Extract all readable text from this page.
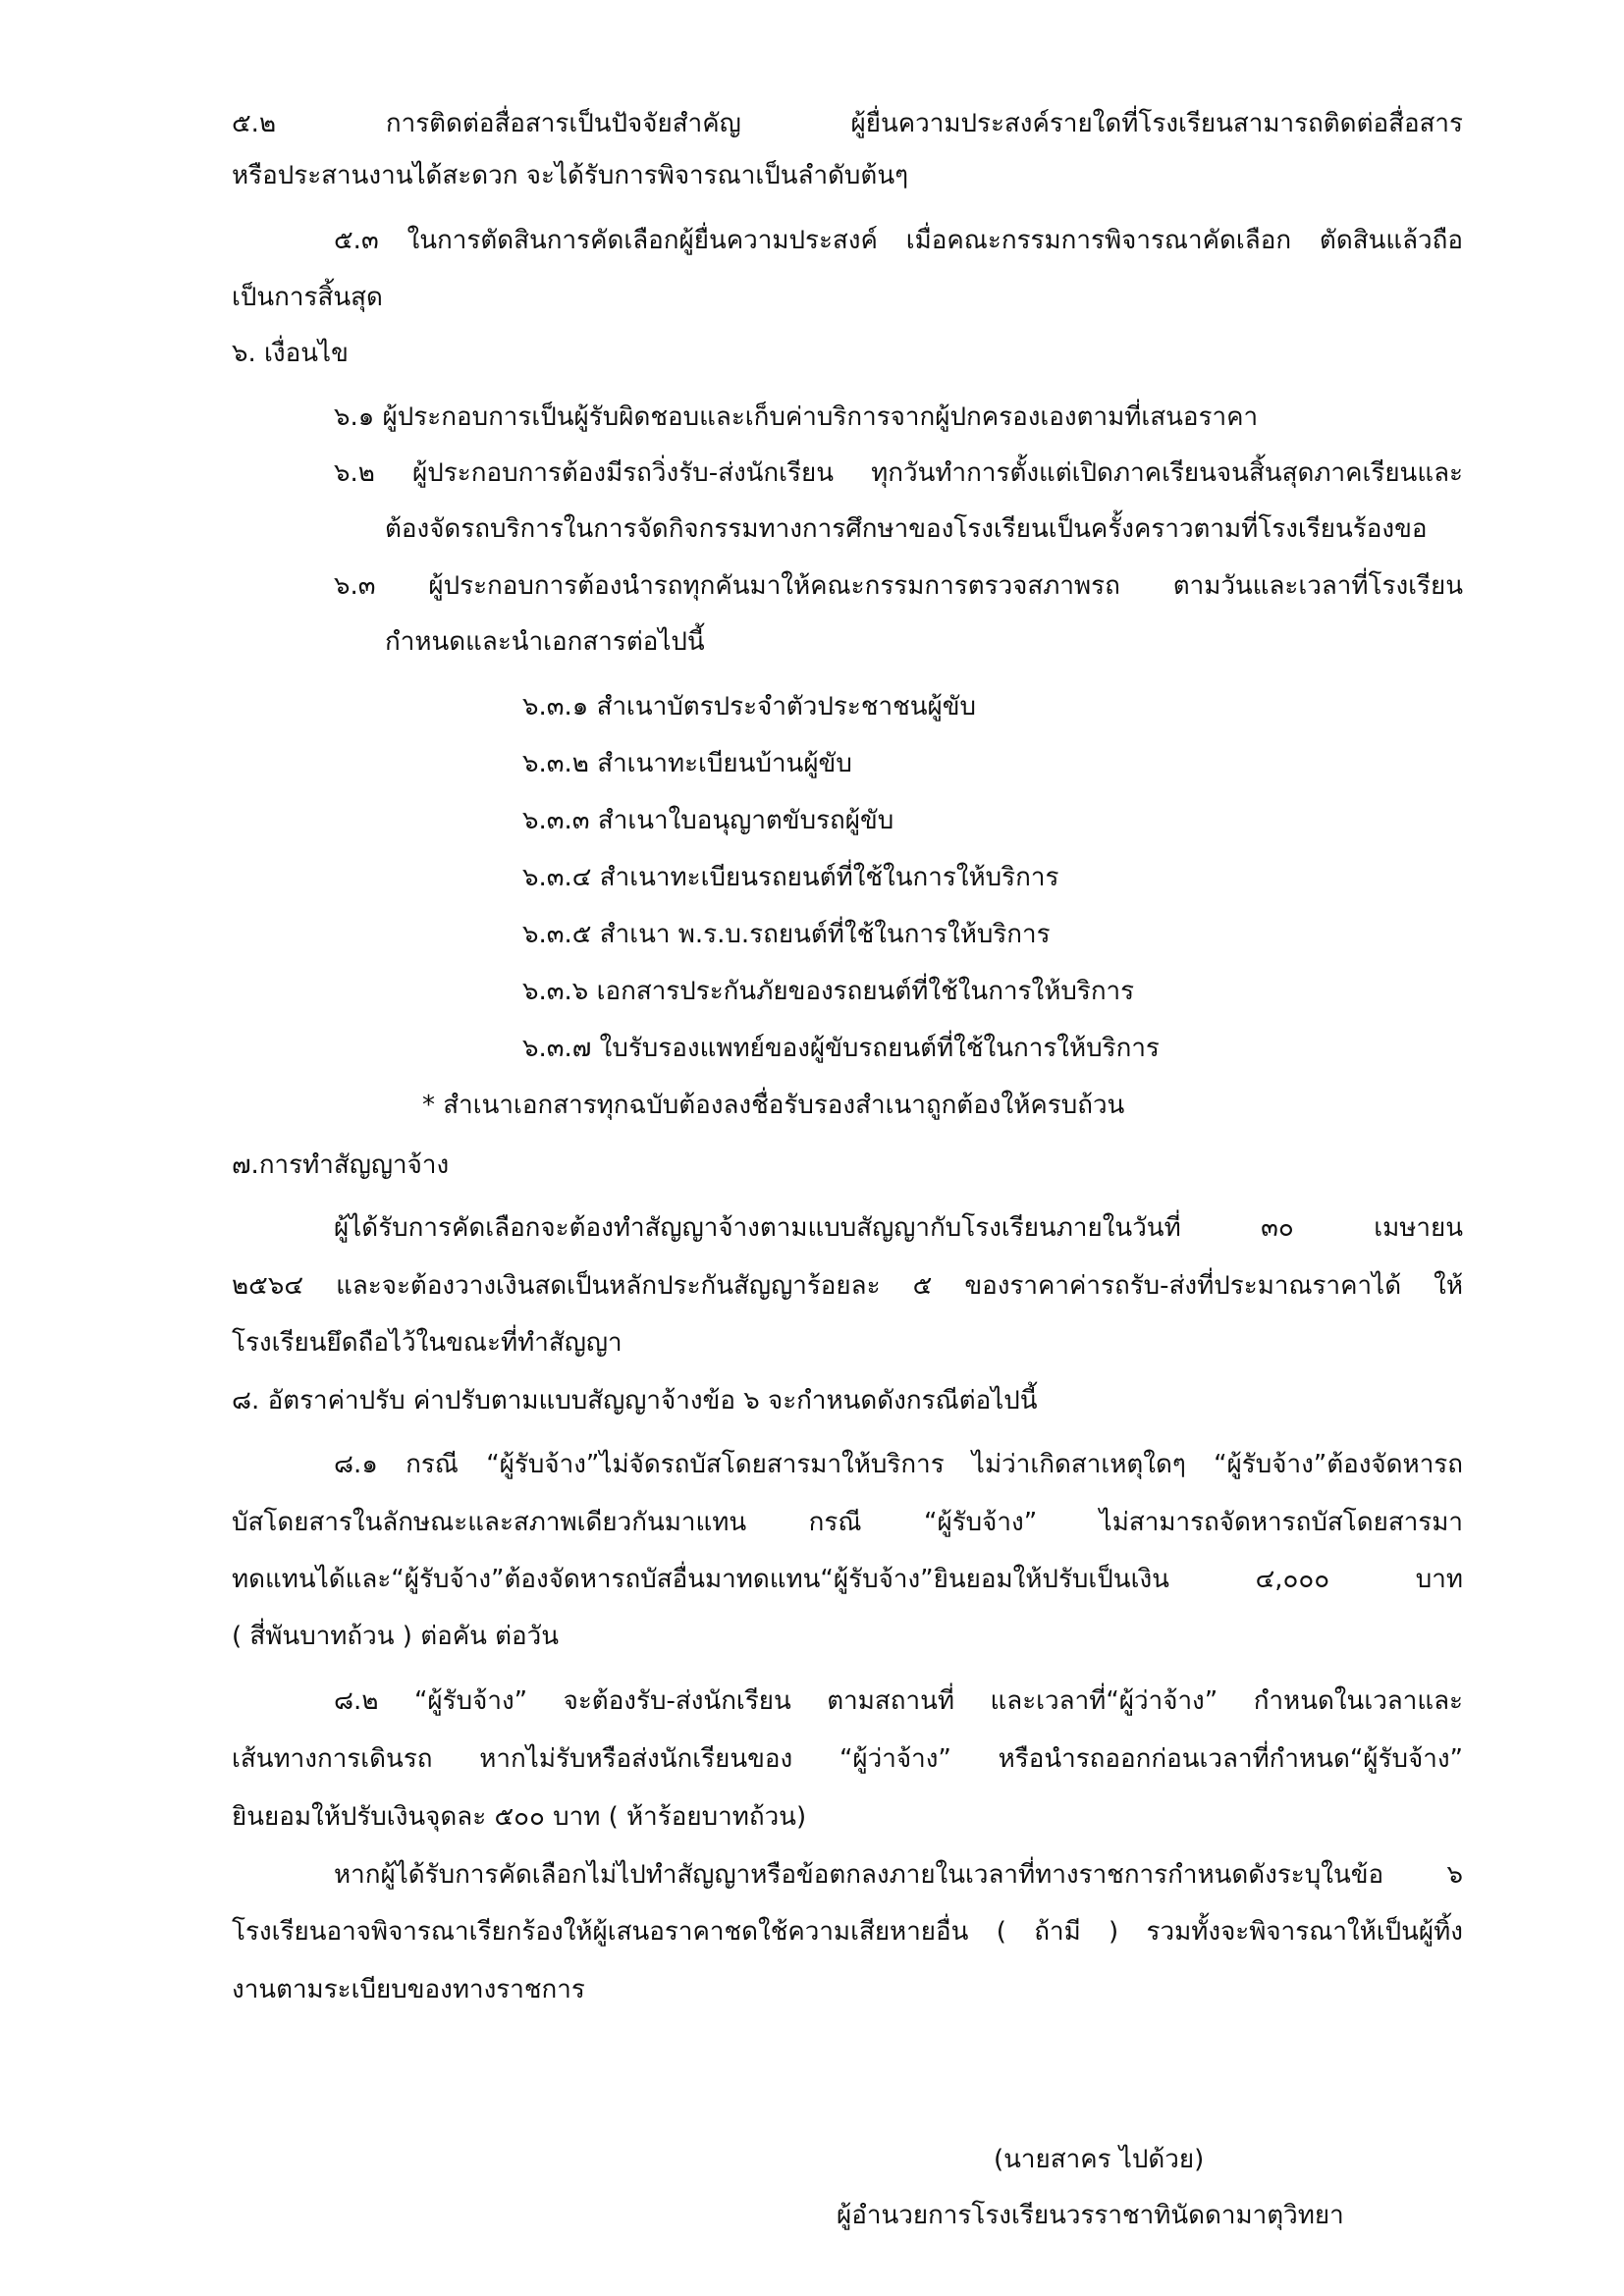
๕.๒ การติดต่อสื่อสารเป็นปัจจัยสำคัญ ผู้ยื่นความประสงค์รายใดที่โรงเรียนสามารถติดต่อสื่อสาร

หรือประสานงานได้สะดวก จะได้รับการพิจารณาเป็นลำดับต้นๆ

๕.๓ ในการตัดสินการคัดเลือกผู้ยื่นความประสงค์ เมื่อคณะกรรมการพิจารณาคัดเลือก ตัดสินแล้วถือ

เป็นการสิ้นสุด

๖. เงื่อนไข

๖.๑ ผู้ประกอบการเป็นผู้รับผิดชอบและเก็บค่าบริการจากผู้ปกครองเองตามที่เสนอราคา

๖.๒ ผู้ประกอบการต้องมีรถวิ่งรับ-ส่งนักเรียน ทุกวันทำการตั้งแต่เปิดภาคเรียนจนสิ้นสุดภาคเรียนและ

ต้องจัดรถบริการในการจัดกิจกรรมทางการศึกษาของโรงเรียนเป็นครั้งคราวตามที่โรงเรียนร้องขอ

๖.๓ ผู้ประกอบการต้องนำรถทุกคันมาให้คณะกรรมการตรวจสภาพรถ ตามวันและเวลาที่โรงเรียน

กำหนดและนำเอกสารต่อไปนี้

๖.๓.๑ สำเนาบัตรประจำตัวประชาชนผู้ขับ

๖.๓.๒ สำเนาทะเบียนบ้านผู้ขับ

๖.๓.๓ สำเนาใบอนุญาตขับรถผู้ขับ

๖.๓.๔ สำเนาทะเบียนรถยนต์ที่ใช้ในการให้บริการ

๖.๓.๕ สำเนา พ.ร.บ.รถยนต์ที่ใช้ในการให้บริการ

๖.๓.๖ เอกสารประกันภัยของรถยนต์ที่ใช้ในการให้บริการ

๖.๓.๗ ใบรับรองแพทย์ของผู้ขับรถยนต์ที่ใช้ในการให้บริการ

* สำเนาเอกสารทุกฉบับต้องลงชื่อรับรองสำเนาถูกต้องให้ครบถ้วน

๗.การทำสัญญาจ้าง

ผู้ได้รับการคัดเลือกจะต้องทำสัญญาจ้างตามแบบสัญญากับโรงเรียนภายในวันที่ ๓๐ เมษายน

๒๕๖๔ และจะต้องวางเงินสดเป็นหลักประกันสัญญาร้อยละ ๕ ของราคาค่ารถรับ-ส่งที่ประมาณราคาได้ ให้

โรงเรียนยึดถือไว้ในขณะที่ทำสัญญา

๘. อัตราค่าปรับ ค่าปรับตามแบบสัญญาจ้างข้อ ๖ จะกำหนดดังกรณีต่อไปนี้

๘.๑ กรณี “ผู้รับจ้าง”ไม่จัดรถบัสโดยสารมาให้บริการ ไม่ว่าเกิดสาเหตุใดๆ “ผู้รับจ้าง”ต้องจัดหารถ

บัสโดยสารในลักษณะและสภาพเดียวกันมาแทน กรณี “ผู้รับจ้าง” ไม่สามารถจัดหารถบัสโดยสารมา

ทดแทนได้และ“ผู้รับจ้าง”ต้องจัดหารถบัสอื่นมาทดแทน“ผู้รับจ้าง”ยินยอมให้ปรับเป็นเงิน ๔,๐๐๐ บาท

( สี่พันบาทถ้วน ) ต่อคัน ต่อวัน

๘.๒ “ผู้รับจ้าง” จะต้องรับ-ส่งนักเรียน ตามสถานที่ และเวลาที่“ผู้ว่าจ้าง” กำหนดในเวลาและ

เส้นทางการเดินรถ หากไม่รับหรือส่งนักเรียนของ “ผู้ว่าจ้าง” หรือนำรถออกก่อนเวลาที่กำหนด“ผู้รับจ้าง”

ยินยอมให้ปรับเงินจุดละ ๕๐๐ บาท ( ห้าร้อยบาทถ้วน)

หากผู้ได้รับการคัดเลือกไม่ไปทำสัญญาหรือข้อตกลงภายในเวลาที่ทางราชการกำหนดดังระบุในข้อ ๖

โรงเรียนอาจพิจารณาเรียกร้องให้ผู้เสนอราคาชดใช้ความเสียหายอื่น ( ถ้ามี ) รวมทั้งจะพิจารณาให้เป็นผู้ทิ้ง

งานตามระเบียบของทางราชการ

(นายสาคร ไปด้วย)

ผู้อำนวยการโรงเรียนวรราชาทินัดดามาตุวิทยา
